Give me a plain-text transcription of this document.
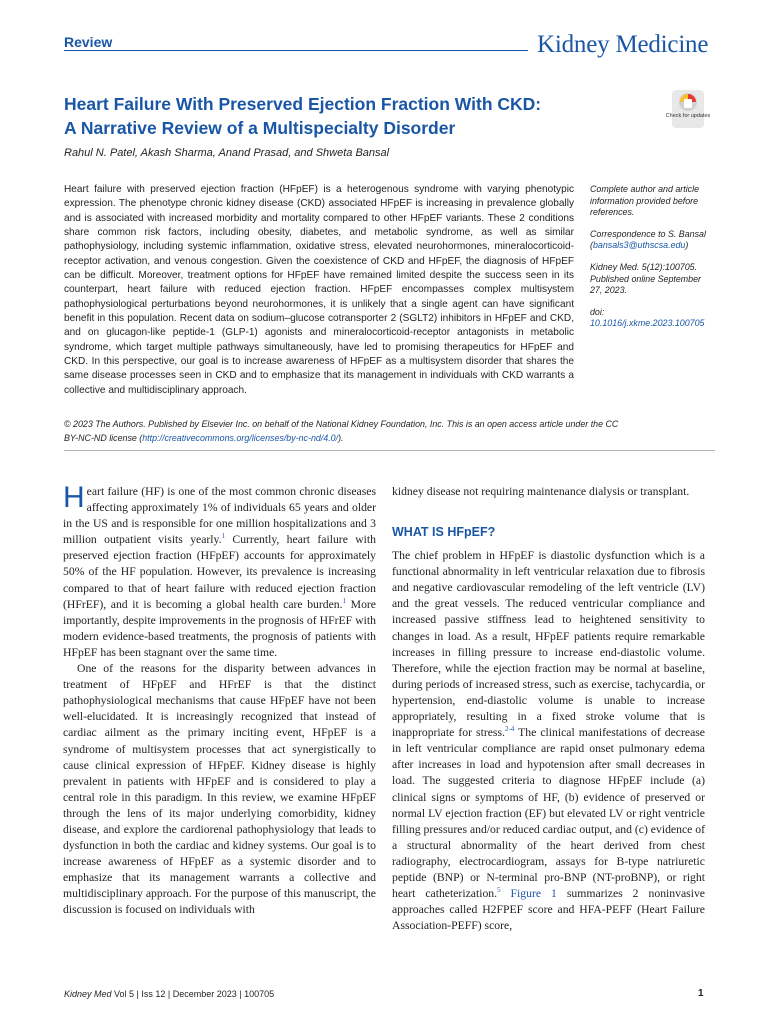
Review	Kidney Medicine
Heart Failure With Preserved Ejection Fraction With CKD:
A Narrative Review of a Multispecialty Disorder
Check for updates
Rahul N. Patel, Akash Sharma, Anand Prasad, and Shweta Bansal
Heart failure with preserved ejection fraction (HFpEF) is a heterogenous syndrome with varying phenotypic expression. The phenotype chronic kidney disease (CKD) associated HFpEF is increasing in prevalence globally and is associated with increased morbidity and mortality compared to other HFpEF variants. These 2 conditions share common risk factors, including obesity, diabetes, and metabolic syndrome, as well as similar pathophysiology, including systemic inflammation, oxidative stress, elevated neurohormones, mineralocorticoid-receptor activation, and venous congestion. Given the coexistence of CKD and HFpEF, the diagnosis of HFpEF can be difficult. Moreover, treatment options for HFpEF have remained limited despite the success seen in its counterpart, heart failure with reduced ejection fraction. HFpEF encompasses complex multisystem pathophysiological perturbations beyond neurohormones, it is unlikely that a single agent can have significant benefit in this population. Recent data on sodium–glucose cotransporter 2 (SGLT2) inhibitors in HFpEF and CKD, and on glucagon-like peptide-1 (GLP-1) agonists and mineralocorticoid-receptor antagonists in metabolic syndrome, which target multiple pathways simultaneously, have led to promising therapeutics for HFpEF and CKD. In this perspective, our goal is to increase awareness of HFpEF as a multisystem disorder that shares the same disease processes seen in CKD and to emphasize that its management in individuals with CKD warrants a collective and multidisciplinary approach.

Complete author and article information provided before references.

Correspondence to S. Bansal (bansals3@uthscsa.edu)

Kidney Med. 5(12):100705. Published online September 27, 2023.

doi: 10.1016/j.xkme.2023.100705

© 2023 The Authors. Published by Elsevier Inc. on behalf of the National Kidney Foundation, Inc. This is an open access article under the CC BY-NC-ND license (http://creativecommons.org/licenses/by-nc-nd/4.0/).

Heart failure (HF) is one of the most common chronic diseases affecting approximately 1% of individuals 65 years and older in the US and is responsible for one million hospitalizations and 3 million outpatient visits yearly.$^1$ Currently, heart failure with preserved ejection fraction (HFpEF) accounts for approximately 50% of the HF population. However, its prevalence is increasing compared to that of heart failure with reduced ejection fraction (HFrEF), and it is becoming a global health care burden.$^1$ More importantly, despite improvements in the prognosis of HFrEF with modern evidence-based treatments, the prognosis of patients with HFpEF has been stagnant over the same time.

One of the reasons for the disparity between advances in treatment of HFpEF and HFrEF is that the distinct pathophysiological mechanisms that cause HFpEF have not been well-elucidated. It is increasingly recognized that instead of cardiac ailment as the primary inciting event, HFpEF is a syndrome of multisystem processes that act synergistically to cause clinical expression of HFpEF. Kidney disease is highly prevalent in patients with HFpEF and is considered to play a central role in this paradigm. In this review, we examine HFpEF through the lens of its major underlying comorbidity, kidney disease, and explore the cardiorenal pathophysiology that leads to dysfunction in both the cardiac and kidney systems. Our goal is to increase awareness of HFpEF as a systemic disorder and to emphasize that its management warrants a collective and multidisciplinary approach. For the purpose of this manuscript, the discussion is focused on individuals with

kidney disease not requiring maintenance dialysis or transplant.

WHAT IS HFpEF?

The chief problem in HFpEF is diastolic dysfunction which is a functional abnormality in left ventricular relaxation due to fibrosis and negative cardiovascular remodeling of the left ventricle (LV) and the great vessels. The reduced ventricular compliance and increased passive stiffness lead to heightened sensitivity to changes in load. As a result, HFpEF patients require remarkable increases in filling pressure to increase end-diastolic volume. Therefore, while the ejection fraction may be normal at baseline, during periods of increased stress, such as exercise, tachycardia, or hypertension, end-diastolic volume is unable to increase appropriately, resulting in a fixed stroke volume that is inappropriate for stress.$^{2-4}$ The clinical manifestations of decrease in left ventricular compliance are rapid onset pulmonary edema after increases in load and hypotension after small decreases in load. The suggested criteria to diagnose HFpEF include (a) clinical signs or symptoms of HF, (b) evidence of preserved or normal LV ejection fraction (EF) but elevated LV or right ventricle filling pressures and/or reduced cardiac output, and (c) evidence of a structural abnormality of the heart derived from chest radiography, electrocardiogram, assays for B-type natriuretic peptide (BNP) or N-terminal pro-BNP (NT-proBNP), or right heart catheterization.$^5$ Figure 1 summarizes 2 noninvasive approaches called H2FPEF score and HFA-PEFF (Heart Failure Association-PEFF) score,

Kidney Med Vol 5 | Iss 12 | December 2023 | 100705	1
